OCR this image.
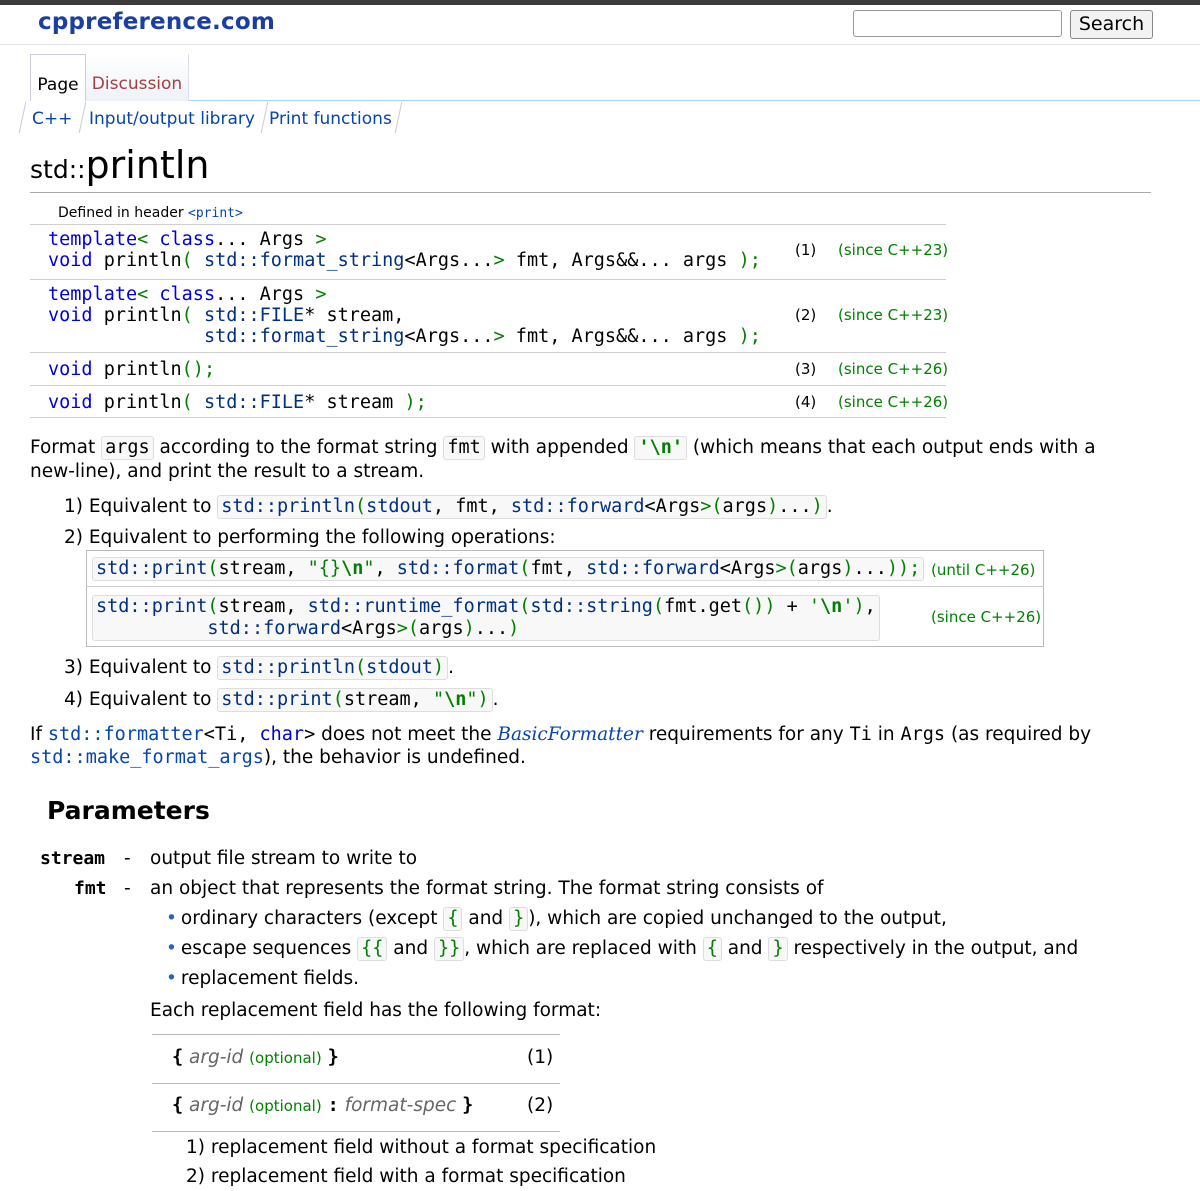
cppreference.com	Search
Page Discussion
C++ Input/output library Print functions
std::println
Defined in header <print>
template< class... Args >
void println( std::format_string<Args...> fmt, Args&&... args ); (1) (since C++23)
template< class... Args >
void println( std::FILE* stream,
std::format_string<Args...> fmt, Args&&... args );
(2) (since C++23)
void println();	(3) (since C++26)
void println( std::FILE* stream );	(4) (since C++26)
Format args according to the format string fmt with appended '\n' (which means that each output ends with a
new-line), and print the result to a stream.
1) Equivalent to std::println(stdout, fmt, std::forward<Args>(args)...) .
2) Equivalent to performing the following operations:
std::print(stream, "{}\n", std::format(fmt, std::forward<Args>(args)...)); (until C++26)
std::print(stream, std::runtime_format(std::string(fmt.get()) + '\n'),
std::forward<Args>(args)...)
(since C++26)
3) Equivalent to std::println(stdout) .
4) Equivalent to std::print(stream, "\n") .
If std::formatter<Ti, char> does not meet the BasicFormatter requirements for any Ti in Args (as required by
std::make_format_args), the behavior is undefined.
Parameters
stream - output file stream to write to
fmt - an object that represents the format string. The format string consists of
• ordinary characters (except { and } ), which are copied unchanged to the output,
• escape sequences {{ and }} , which are replaced with { and } respectively in the output, and
• replacement fields.
Each replacement field has the following format:
{ arg-id (optional) }	(1)
{ arg-id (optional) : format-spec }	(2)
1) replacement field without a format specification
2) replacement field with a format specification
